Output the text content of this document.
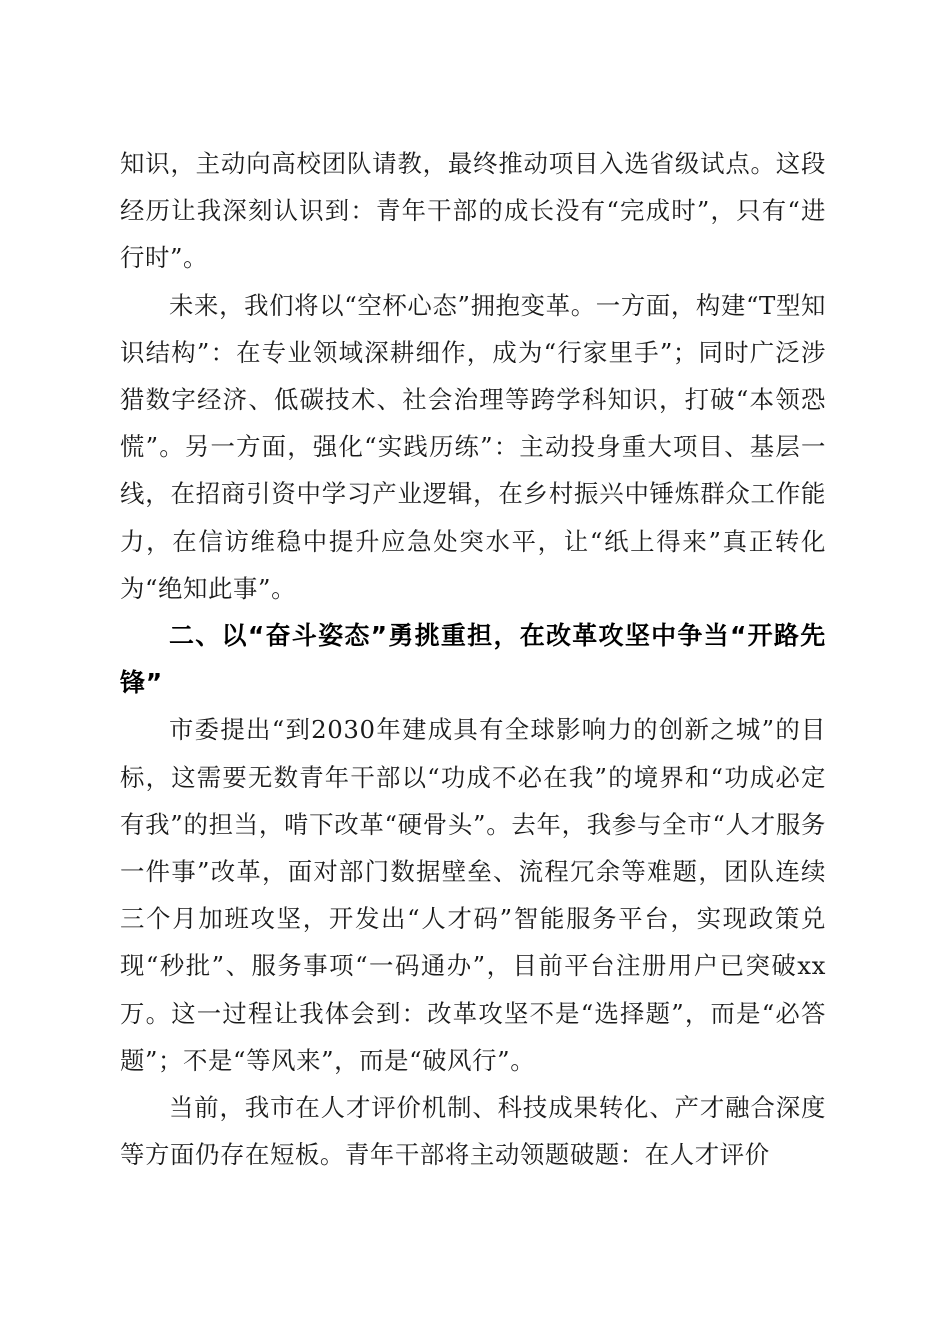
知识，主动向高校团队请教，最终推动项目入选省级试点。这段经历让我深刻认识到：青年干部的成长没有“完成时”，只有“进行时”。

未来，我们将以“空杯心态”拥抱变革。一方面，构建“T型知识结构”：在专业领域深耕细作，成为“行家里手”；同时广泛涉猎数字经济、低碳技术、社会治理等跨学科知识，打破“本领恐慌”。另一方面，强化“实践历练”：主动投身重大项目、基层一线，在招商引资中学习产业逻辑，在乡村振兴中锤炼群众工作能力，在信访维稳中提升应急处突水平，让“纸上得来”真正转化为“绝知此事”。

二、以“奋斗姿态”勇挑重担，在改革攻坚中争当“开路先锋”

市委提出“到2030年建成具有全球影响力的创新之城”的目标，这需要无数青年干部以“功成不必在我”的境界和“功成必定有我”的担当，啃下改革“硬骨头”。去年，我参与全市“人才服务一件事”改革，面对部门数据壁垒、流程冗余等难题，团队连续三个月加班攻坚，开发出“人才码”智能服务平台，实现政策兑现“秒批”、服务事项“一码通办”，目前平台注册用户已突破xx万。这一过程让我体会到：改革攻坚不是“选择题”，而是“必答题”；不是“等风来”，而是“破风行”。

当前，我市在人才评价机制、科技成果转化、产才融合深度等方面仍存在短板。青年干部将主动领题破题：在人才评价
